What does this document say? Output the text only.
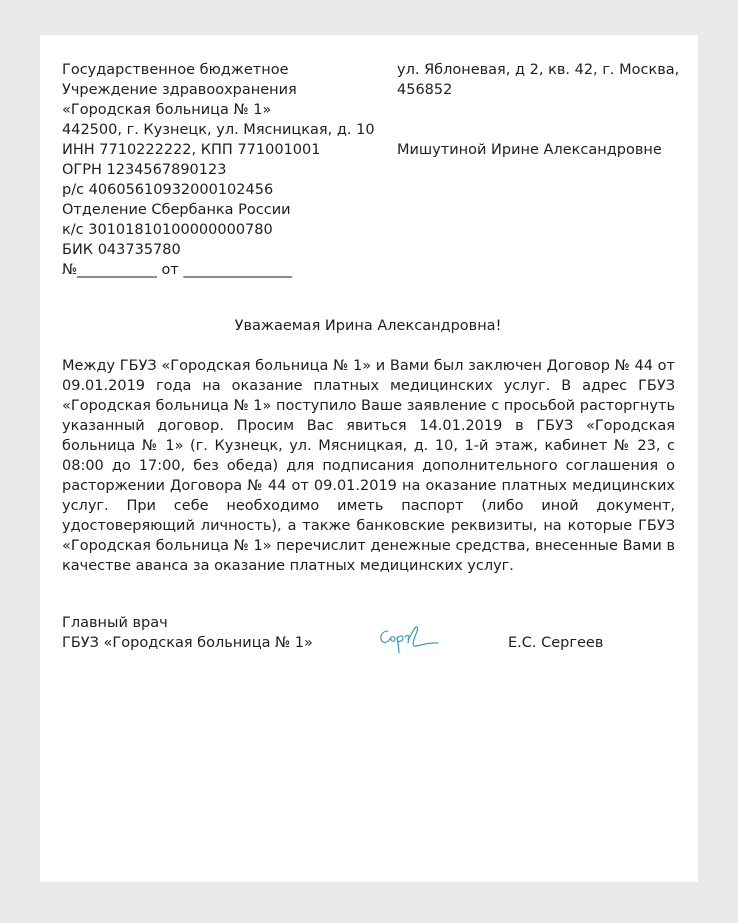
Государственное бюджетное
Учреждение здравоохранения
«Городская больница № 1»
442500, г. Кузнецк, ул. Мясницкая, д. 10
ИНН 7710222222, КПП 771001001
ОГРН 1234567890123
р/с 40605610932000102456
Отделение Сбербанка России
к/с 30101810100000000780
БИК 043735780
№___________ от _______________
ул. Яблоневая, д 2, кв. 42, г. Москва,
456852
Мишутиной Ирине Александровне
Уважаемая Ирина Александровна!

Между ГБУЗ «Городская больница № 1» и Вами был заключен Договор № 44 от 09.01.2019 года на оказание платных медицинских услуг. В адрес ГБУЗ «Городская больница № 1» поступило Ваше заявление с просьбой расторгнуть указанный договор. Просим Вас явиться 14.01.2019 в ГБУЗ «Городская больница № 1» (г. Кузнецк, ул. Мясницкая, д. 10, 1-й этаж, кабинет № 23, с 08:00 до 17:00, без обеда) для подписания дополнительного соглашения о расторжении Договора № 44 от 09.01.2019 на оказание платных медицинских услуг. При себе необходимо иметь паспорт (либо иной документ, удостоверяющий личность), а также банковские реквизиты, на которые ГБУЗ «Городская больница № 1» перечислит денежные средства, внесенные Вами в качестве аванса за оказание платных медицинских услуг.

Главный врач
ГБУЗ «Городская больница № 1»	Е.С. Сергеев
